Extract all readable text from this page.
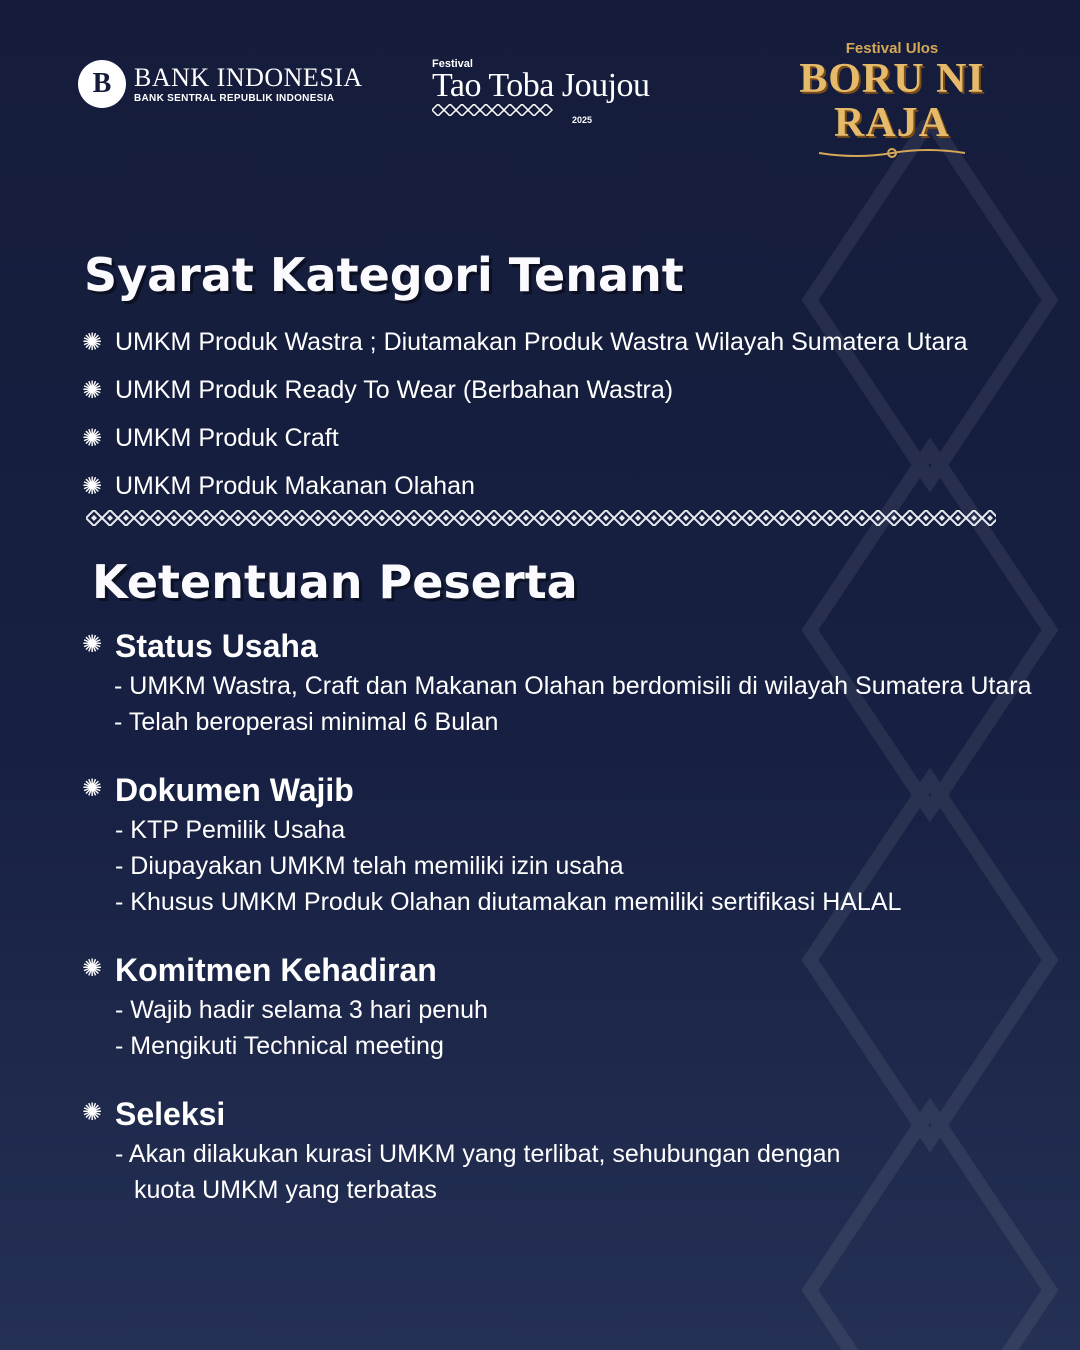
B BANK INDONESIA
BANK SENTRAL REPUBLIK INDONESIA
Festival
Tao Toba Joujou
2025
Festival Ulos
BORU NI RAJA
Syarat Kategori Tenant
✺ UMKM Produk Wastra ; Diutamakan Produk Wastra Wilayah Sumatera Utara
✺ UMKM Produk Ready To Wear (Berbahan Wastra)
✺ UMKM Produk Craft
✺ UMKM Produk Makanan Olahan
Ketentuan Peserta
✺ Status Usaha
- UMKM Wastra, Craft dan Makanan Olahan berdomisili di wilayah Sumatera Utara
- Telah beroperasi minimal 6 Bulan
✺ Dokumen Wajib
- KTP Pemilik Usaha
- Diupayakan UMKM telah memiliki izin usaha
- Khusus UMKM Produk Olahan diutamakan memiliki sertifikasi HALAL
✺ Komitmen Kehadiran
- Wajib hadir selama 3 hari penuh
- Mengikuti Technical meeting
✺ Seleksi
- Akan dilakukan kurasi UMKM yang terlibat, sehubungan dengan
kuota UMKM yang terbatas
